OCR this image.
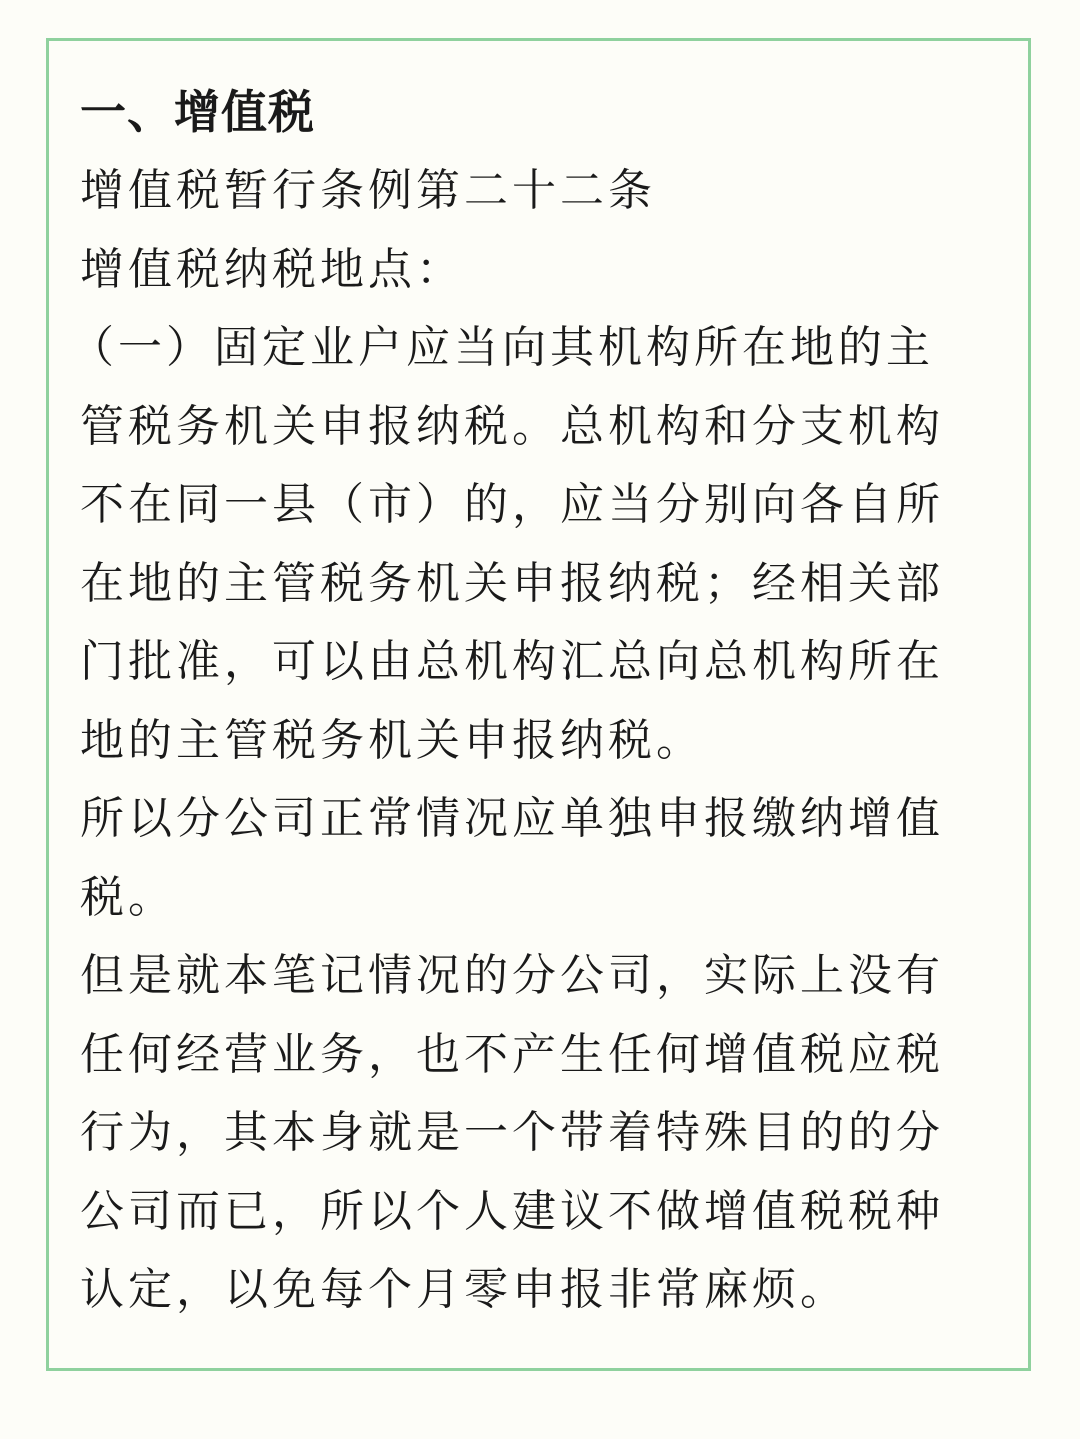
一、增值税

增值税暂行条例第二十二条

增值税纳税地点：

（一）固定业户应当向其机构所在地的主

管税务机关申报纳税。总机构和分支机构

不在同一县（市）的，应当分别向各自所

在地的主管税务机关申报纳税；经相关部

门批准，可以由总机构汇总向总机构所在

地的主管税务机关申报纳税。

所以分公司正常情况应单独申报缴纳增值

税。

但是就本笔记情况的分公司，实际上没有

任何经营业务，也不产生任何增值税应税

行为，其本身就是一个带着特殊目的的分

公司而已，所以个人建议不做增值税税种

认定，以免每个月零申报非常麻烦。
